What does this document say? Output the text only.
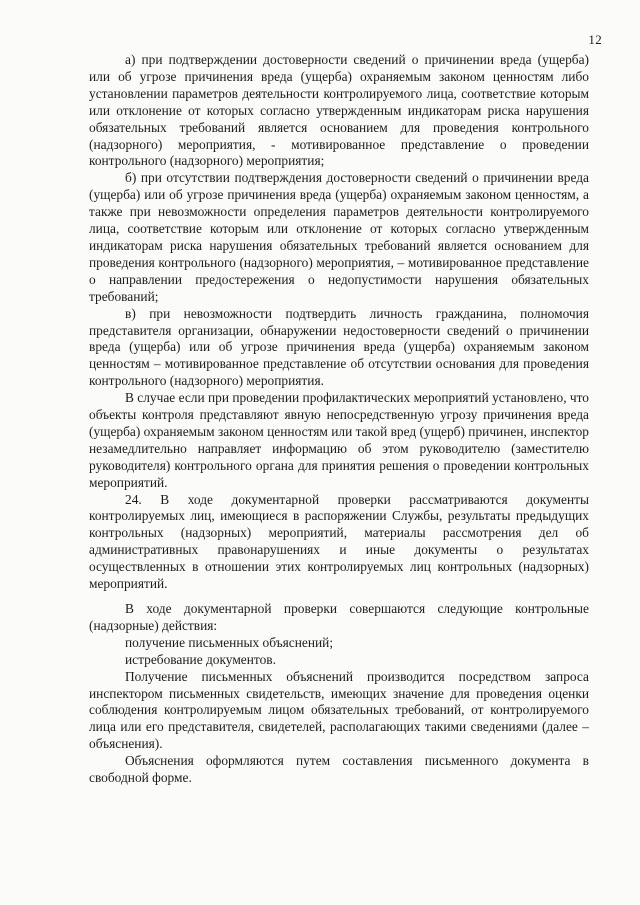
12

а) при подтверждении достоверности сведений о причинении вреда (ущерба) или об угрозе причинения вреда (ущерба) охраняемым законом ценностям либо установлении параметров деятельности контролируемого лица, соответствие которым или отклонение от которых согласно утвержденным индикаторам риска нарушения обязательных требований является основанием для проведения контрольного (надзорного) мероприятия, - мотивированное представление о проведении контрольного (надзорного) мероприятия;

б) при отсутствии подтверждения достоверности сведений о причинении вреда (ущерба) или об угрозе причинения вреда (ущерба) охраняемым законом ценностям, а также при невозможности определения параметров деятельности контролируемого лица, соответствие которым или отклонение от которых согласно утвержденным индикаторам риска нарушения обязательных требований является основанием для проведения контрольного (надзорного) мероприятия, – мотивированное представление о направлении предостережения о недопустимости нарушения обязательных требований;

в) при невозможности подтвердить личность гражданина, полномочия представителя организации, обнаружении недостоверности сведений о причинении вреда (ущерба) или об угрозе причинения вреда (ущерба) охраняемым законом ценностям – мотивированное представление об отсутствии основания для проведения контрольного (надзорного) мероприятия.

В случае если при проведении профилактических мероприятий установлено, что объекты контроля представляют явную непосредственную угрозу причинения вреда (ущерба) охраняемым законом ценностям или такой вред (ущерб) причинен, инспектор незамедлительно направляет информацию об этом руководителю (заместителю руководителя) контрольного органа для принятия решения о проведении контрольных мероприятий.

24. В ходе документарной проверки рассматриваются документы контролируемых лиц, имеющиеся в распоряжении Службы, результаты предыдущих контрольных (надзорных) мероприятий, материалы рассмотрения дел об административных правонарушениях и иные документы о результатах осуществленных в отношении этих контролируемых лиц контрольных (надзорных) мероприятий.

В ходе документарной проверки совершаются следующие контрольные (надзорные) действия:

получение письменных объяснений;

истребование документов.

Получение письменных объяснений производится посредством запроса инспектором письменных свидетельств, имеющих значение для проведения оценки соблюдения контролируемым лицом обязательных требований, от контролируемого лица или его представителя, свидетелей, располагающих такими сведениями (далее – объяснения).

Объяснения оформляются путем составления письменного документа в свободной форме.
